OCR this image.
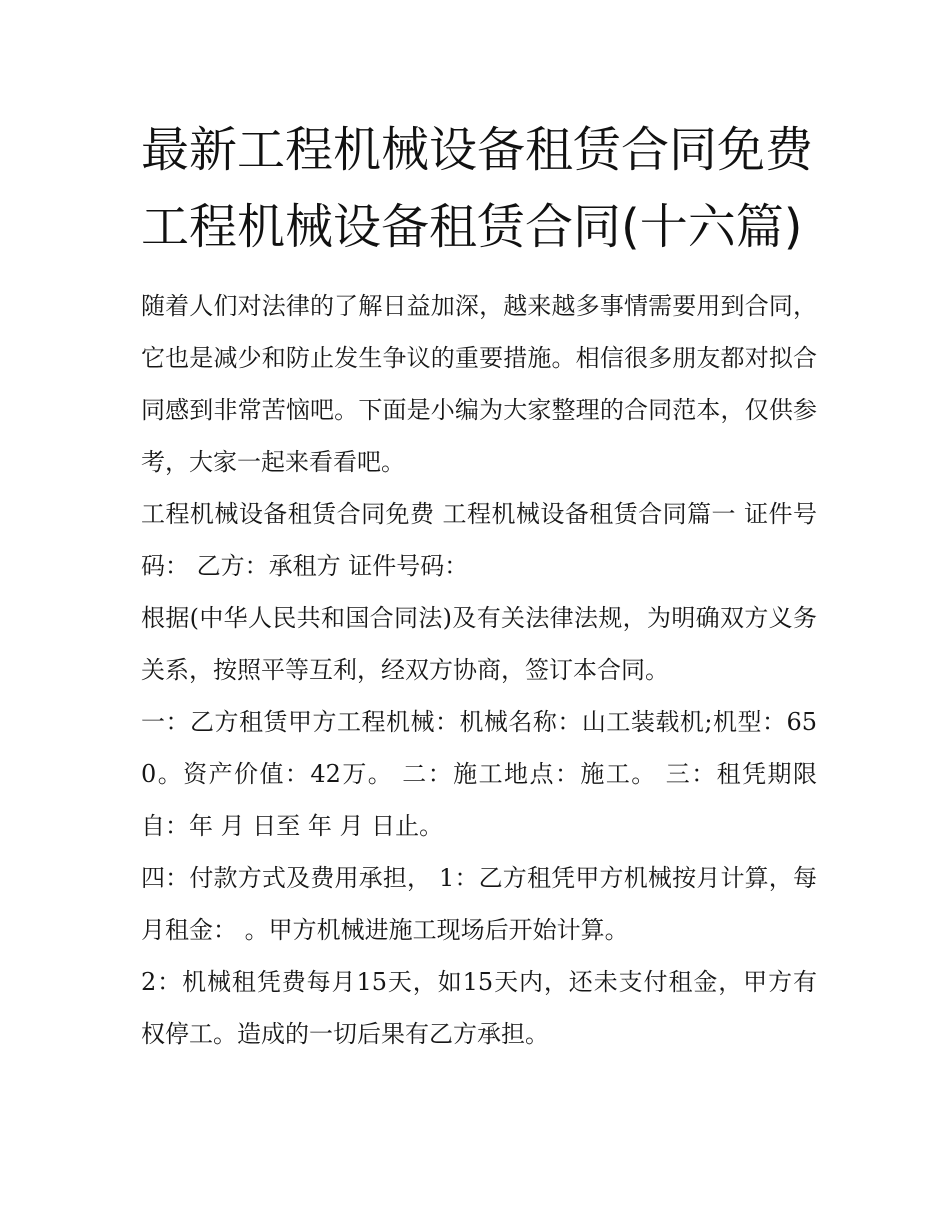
最新工程机械设备租赁合同免费 工程机械设备租赁合同(十六篇)

随着人们对法律的了解日益加深，越来越多事情需要用到合同，它也是减少和防止发生争议的重要措施。相信很多朋友都对拟合同感到非常苦恼吧。下面是小编为大家整理的合同范本，仅供参考，大家一起来看看吧。

工程机械设备租赁合同免费 工程机械设备租赁合同篇一 证件号码： 乙方：承租方 证件号码：

根据(中华人民共和国合同法)及有关法律法规，为明确双方义务关系，按照平等互利，经双方协商，签订本合同。

一：乙方租赁甲方工程机械：机械名称：山工装载机;机型：650。资产价值：42万。 二：施工地点：施工。 三：租凭期限自：年 月 日至 年 月 日止。

四：付款方式及费用承担， 1：乙方租凭甲方机械按月计算，每月租金： 。甲方机械进施工现场后开始计算。

2：机械租凭费每月15天，如15天内，还未支付租金，甲方有权停工。造成的一切后果有乙方承担。
